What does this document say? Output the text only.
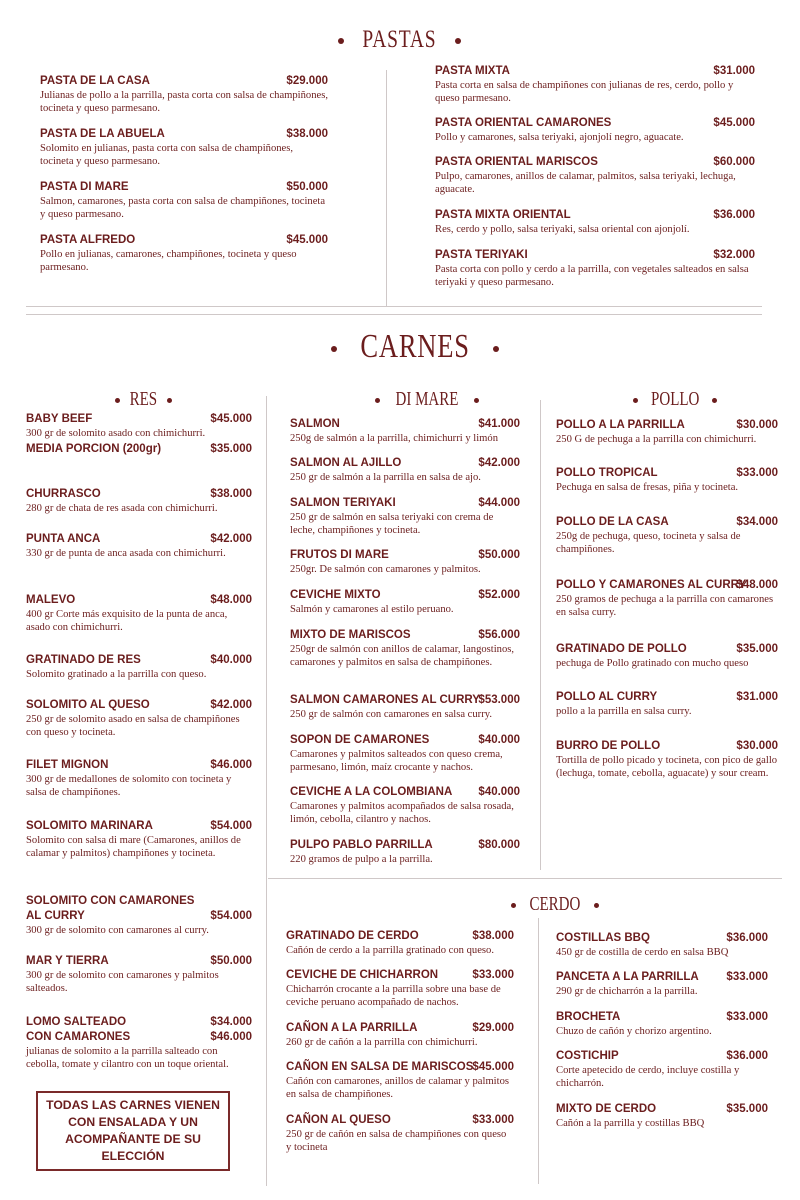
PASTAS
PASTA DE LA CASA	$29.000
Julianas de pollo a la parrilla, pasta corta con salsa de champiñones, tocineta y queso parmesano.
PASTA DE LA ABUELA	$38.000
Solomito en julianas, pasta corta con salsa de champiñones, tocineta y queso parmesano.
PASTA DI MARE	$50.000
Salmon, camarones, pasta corta con salsa de champiñones, tocineta y queso parmesano.
PASTA ALFREDO	$45.000
Pollo en julianas, camarones, champiñones, tocineta y queso parmesano.
PASTA MIXTA	$31.000
Pasta corta en salsa de champiñones con julianas de res, cerdo, pollo y queso parmesano.
PASTA ORIENTAL CAMARONES	$45.000
Pollo y camarones, salsa teriyaki, ajonjolí negro, aguacate.
PASTA ORIENTAL MARISCOS	$60.000
Pulpo, camarones, anillos de calamar, palmitos, salsa teriyaki, lechuga, aguacate.
PASTA MIXTA ORIENTAL	$36.000
Res, cerdo y pollo, salsa teriyaki, salsa oriental con ajonjolí.
PASTA TERIYAKI	$32.000
Pasta corta con pollo y cerdo a la parrilla, con vegetales salteados en salsa teriyaki y queso parmesano.
CARNES
RES
BABY BEEF	$45.000
300 gr de solomito asado con chimichurri.
MEDIA PORCION (200gr)	$35.000
CHURRASCO	$38.000
280 gr de chata de res asada con chimichurri.
PUNTA ANCA	$42.000
330 gr de punta de anca asada con chimichurri.
MALEVO	$48.000
400 gr Corte más exquisito de la punta de anca, asado con chimichurri.
GRATINADO DE RES	$40.000
Solomito gratinado a la parrilla con queso.
SOLOMITO AL QUESO	$42.000
250 gr de solomito asado en salsa de champiñones con queso y tocineta.
FILET MIGNON	$46.000
300 gr de medallones de solomito con tocineta y salsa de champiñones.
SOLOMITO MARINARA	$54.000
Solomito con salsa di mare (Camarones, anillos de calamar y palmitos) champiñones y tocineta.
SOLOMITO CON CAMARONES
AL CURRY	$54.000
300 gr de solomito con camarones al curry.
MAR Y TIERRA	$50.000
300 gr de solomito con camarones y palmitos salteados.
LOMO SALTEADO	$34.000
CON CAMARONES	$46.000
julianas de solomito a la parrilla salteado con cebolla, tomate y cilantro con un toque oriental.
TODAS LAS CARNES VIENEN
CON ENSALADA Y UN
ACOMPAÑANTE DE SU
ELECCIÓN
DI MARE
SALMON	$41.000
250g de salmón a la parrilla, chimichurri y limón
SALMON AL AJILLO	$42.000
250 gr de salmón a la parrilla en salsa de ajo.
SALMON TERIYAKI	$44.000
250 gr de salmón en salsa teriyaki con crema de leche, champiñones y tocineta.
FRUTOS DI MARE	$50.000
250gr. De salmón con camarones y palmitos.
CEVICHE MIXTO	$52.000
Salmón y camarones al estilo peruano.
MIXTO DE MARISCOS	$56.000
250gr de salmón con anillos de calamar, langostinos, camarones y palmitos en salsa de champiñones.
SALMON CAMARONES AL CURRY
$53.000
250 gr de salmón con camarones en salsa curry.
SOPON DE CAMARONES	$40.000
Camarones y palmitos salteados con queso crema, parmesano, limón, maíz crocante y nachos.
CEVICHE A LA COLOMBIANA $40.000
Camarones y palmitos acompañados de salsa rosada, limón, cebolla, cilantro y nachos.
PULPO PABLO PARRILLA	$80.000
220 gramos de pulpo a la parrilla.
POLLO
POLLO A LA PARRILLA	$30.000
250 G de pechuga a la parrilla con chimichurri.
POLLO TROPICAL	$33.000
Pechuga en salsa de fresas, piña y tocineta.
POLLO DE LA CASA	$34.000
250g de pechuga, queso, tocineta y salsa de champiñones.
POLLO Y CAMARONES AL CURRY
$48.000
250 gramos de pechuga a la parrilla con camarones en salsa curry.
GRATINADO DE POLLO	$35.000
pechuga de Pollo gratinado con mucho queso
POLLO AL CURRY	$31.000
pollo a la parrilla en salsa curry.
BURRO DE POLLO	$30.000
Tortilla de pollo picado y tocineta, con pico de gallo (lechuga, tomate, cebolla, aguacate) y sour cream.
CERDO
GRATINADO DE CERDO	$38.000
Cañón de cerdo a la parrilla gratinado con queso.
CEVICHE DE CHICHARRON	$33.000
Chicharrón crocante a la parrilla sobre una base de ceviche peruano acompañado de nachos.
CAÑON A LA PARRILLA	$29.000
260 gr de cañón a la parrilla con chimichurri.
CAÑON EN SALSA DE MARISCOS $45.000
Cañón con camarones, anillos de calamar y palmitos en salsa de champiñones.
CAÑON AL QUESO	$33.000
250 gr de cañón en salsa de champiñones con queso y tocineta
COSTILLAS BBQ	$36.000
450 gr de costilla de cerdo en salsa BBQ
PANCETA A LA PARRILLA $33.000
290 gr de chicharrón a la parrilla.
BROCHETA	$33.000
Chuzo de cañón y chorizo argentino.
COSTICHIP	$36.000
Corte apetecido de cerdo, incluye costilla y chicharrón.
MIXTO DE CERDO	$35.000
Cañón a la parrilla y costillas BBQ
